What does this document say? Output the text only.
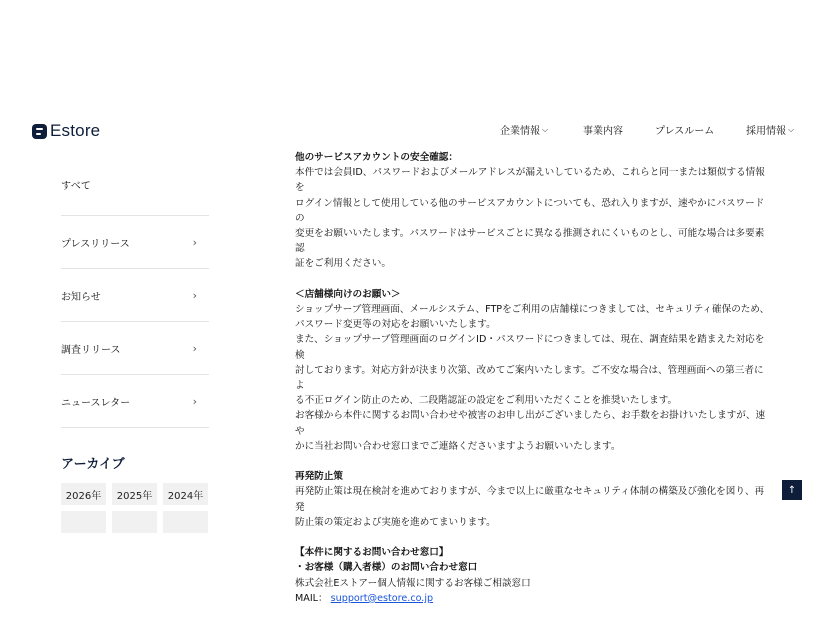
Estore	企業情報 ⌵	事業内容	プレスルーム	採用情報 ⌵
すべて
プレスリリース	›
お知らせ	›
調査リリース	›
ニュースレター	›
アーカイブ
2026年	2025年	2024年

他のサービスアカウントの安全確認：

本件では会員ID、パスワードおよびメールアドレスが漏えいしているため、これらと同一または類似する情報を

ログイン情報として使用している他のサービスアカウントについても、恐れ入りますが、速やかにパスワードの

変更をお願いいたします。パスワードはサービスごとに異なる推測されにくいものとし、可能な場合は多要素認

証をご利用ください。

＜店舗様向けのお願い＞

ショップサーブ管理画面、メールシステム、FTPをご利用の店舗様につきましては、セキュリティ確保のため、

パスワード変更等の対応をお願いいたします。

また、ショップサーブ管理画面のログインID・パスワードにつきましては、現在、調査結果を踏まえた対応を検

討しております。対応方針が決まり次第、改めてご案内いたします。ご不安な場合は、管理画面への第三者によ

る不正ログイン防止のため、二段階認証の設定をご利用いただくことを推奨いたします。

お客様から本件に関するお問い合わせや被害のお申し出がございましたら、お手数をお掛けいたしますが、速や

かに当社お問い合わせ窓口までご連絡くださいますようお願いいたします。

再発防止策

再発防止策は現在検討を進めておりますが、今まで以上に厳重なセキュリティ体制の構築及び強化を図り、再発

防止策の策定および実施を進めてまいります。

【本件に関するお問い合わせ窓口】

・お客様（購入者様）のお問い合わせ窓口

株式会社Eストアー個人情報に関するお客様ご相談窓口

MAIL： support@estore.co.jp

↑
